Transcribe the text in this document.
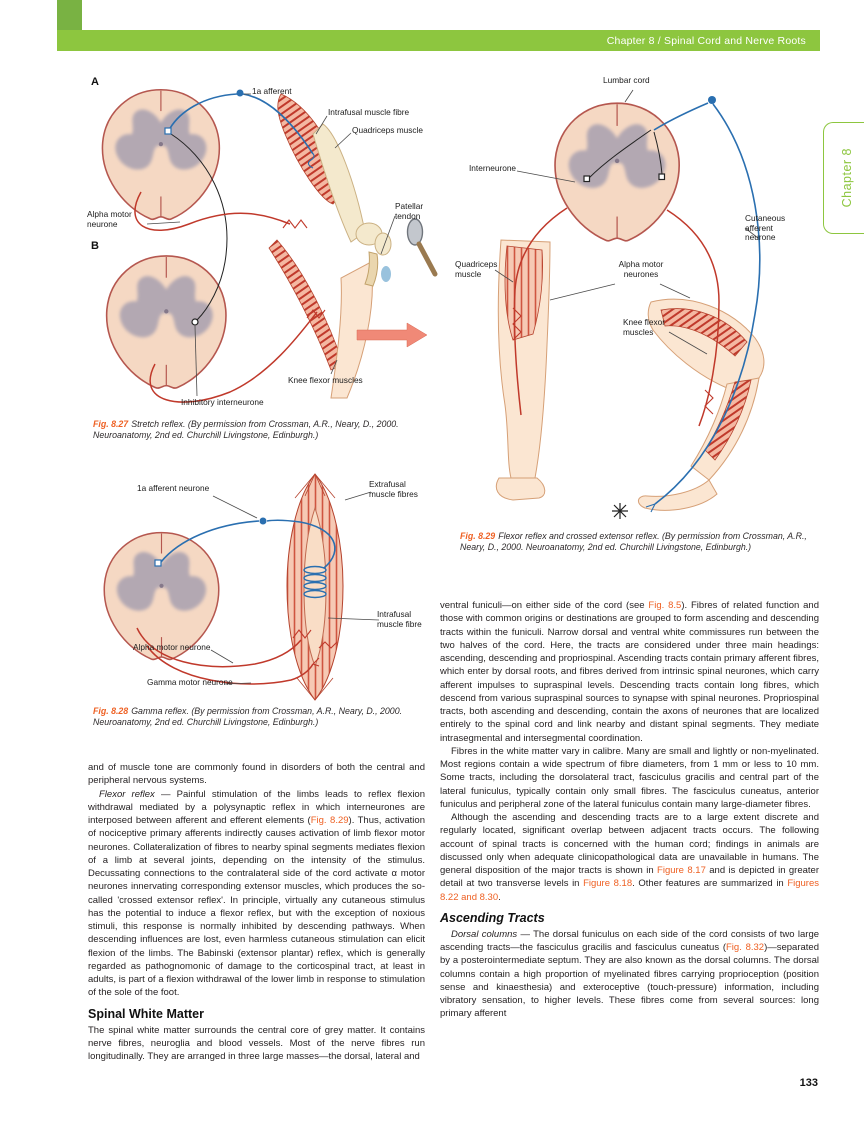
Chapter 8 / Spinal Cord and Nerve Roots
Chapter 8
A
B
1a afferent
Intrafusal muscle fibre
Quadriceps muscle
Patellar tendon
Alpha motor neurone
Knee flexor muscles
Inhibitory interneurone
Fig. 8.27 Stretch reflex. (By permission from Crossman, A.R., Neary, D., 2000. Neuroanatomy, 2nd ed. Churchill Livingstone, Edinburgh.)
Lumbar cord
Interneurone
Cutaneous afferent neurone
Quadriceps muscle
Alpha motor neurones
Knee flexor muscles
Fig. 8.29 Flexor reflex and crossed extensor reflex. (By permission from Crossman, A.R., Neary, D., 2000. Neuroanatomy, 2nd ed. Churchill Livingstone, Edinburgh.)
1a afferent neurone	Extrafusal muscle fibres
Intrafusal muscle fibre
Alpha motor neurone
Gamma motor neurone
Fig. 8.28 Gamma reflex. (By permission from Crossman, A.R., Neary, D., 2000. Neuroanatomy, 2nd ed. Churchill Livingstone, Edinburgh.)

and of muscle tone are commonly found in disorders of both the central and peripheral nervous systems.

Flexor reflex — Painful stimulation of the limbs leads to reflex flexion withdrawal mediated by a polysynaptic reflex in which interneurones are interposed between afferent and efferent elements (Fig. 8.29). Thus, activation of nociceptive primary afferents indirectly causes activation of limb flexor motor neurones. Collateralization of fibres to nearby spinal segments mediates flexion of a limb at several joints, depending on the intensity of the stimulus. Decussating connections to the contralateral side of the cord activate α motor neurones innervating corresponding extensor muscles, which produces the so-called 'crossed extensor reflex'. In principle, virtually any cutaneous stimulus has the potential to induce a flexor reflex, but with the exception of noxious stimuli, this response is normally inhibited by descending pathways. When descending influences are lost, even harmless cutaneous stimulation can elicit flexion of the limbs. The Babinski (extensor plantar) reflex, which is generally regarded as pathognomonic of damage to the corticospinal tract, at least in adults, is part of a flexion withdrawal of the lower limb in response to stimulation of the sole of the foot.

Spinal White Matter

The spinal white matter surrounds the central core of grey matter. It contains nerve fibres, neuroglia and blood vessels. Most of the nerve fibres run longitudinally. They are arranged in three large masses—the dorsal, lateral and

ventral funiculi—on either side of the cord (see Fig. 8.5). Fibres of related function and those with common origins or destinations are grouped to form ascending and descending tracts within the funiculi. Narrow dorsal and ventral white commissures run between the two halves of the cord. Here, the tracts are considered under three main headings: ascending, descending and propriospinal. Ascending tracts contain primary afferent fibres, which enter by dorsal roots, and fibres derived from intrinsic spinal neurones, which carry afferent impulses to supraspinal levels. Descending tracts contain long fibres, which descend from various supraspinal sources to synapse with spinal neurones. Propriospinal tracts, both ascending and descending, contain the axons of neurones that are localized entirely to the spinal cord and link nearby and distant spinal segments. They mediate intrasegmental and intersegmental coordination.

Fibres in the white matter vary in calibre. Many are small and lightly or non-myelinated. Most regions contain a wide spectrum of fibre diameters, from 1 mm or less to 10 mm. Some tracts, including the dorsolateral tract, fasciculus gracilis and central part of the lateral funiculus, typically contain only small fibres. The fasciculus cuneatus, anterior funiculus and peripheral zone of the lateral funiculus contain many large-diameter fibres.

Although the ascending and descending tracts are to a large extent discrete and regularly located, significant overlap between adjacent tracts occurs. The following account of spinal tracts is concerned with the human cord; findings in animals are discussed only when adequate clinicopathological data are unavailable in humans. The general disposition of the major tracts is shown in Figure 8.17 and is depicted in greater detail at two transverse levels in Figure 8.18. Other features are summarized in Figures 8.22 and 8.30.

Ascending Tracts

Dorsal columns — The dorsal funiculus on each side of the cord consists of two large ascending tracts—the fasciculus gracilis and fasciculus cuneatus (Fig. 8.32)—separated by a posterointermediate septum. They are also known as the dorsal columns. The dorsal columns contain a high proportion of myelinated fibres carrying proprioception (position sense and kinaesthesia) and exteroceptive (touch-pressure) information, including vibratory sensation, to higher levels. These fibres come from several sources: long primary afferent

133
